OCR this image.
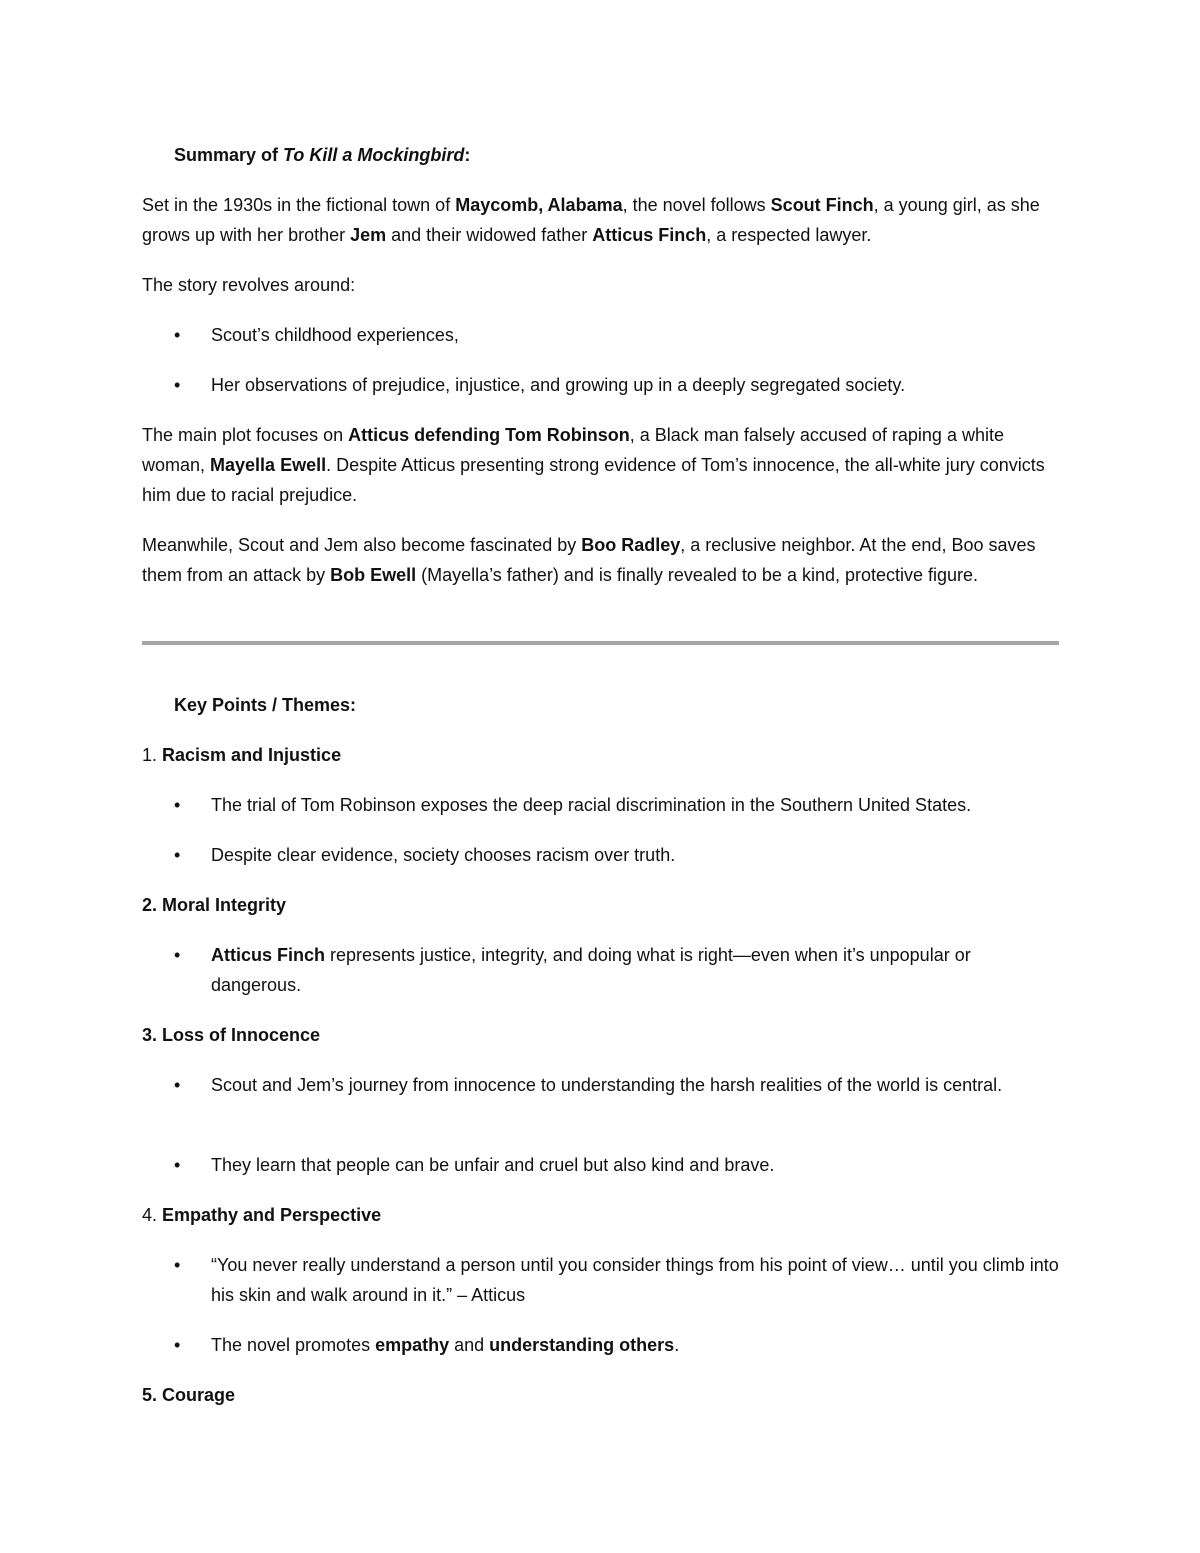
Summary of To Kill a Mockingbird:

Set in the 1930s in the fictional town of Maycomb, Alabama, the novel follows Scout Finch, a young girl, as she grows up with her brother Jem and their widowed father Atticus Finch, a respected lawyer.

The story revolves around:

• Scout’s childhood experiences,

• Her observations of prejudice, injustice, and growing up in a deeply segregated society.

The main plot focuses on Atticus defending Tom Robinson, a Black man falsely accused of raping a white woman, Mayella Ewell. Despite Atticus presenting strong evidence of Tom’s innocence, the all-white jury convicts him due to racial prejudice.

Meanwhile, Scout and Jem also become fascinated by Boo Radley, a reclusive neighbor. At the end, Boo saves them from an attack by Bob Ewell (Mayella’s father) and is finally revealed to be a kind, protective figure.

Key Points / Themes:

1. Racism and Injustice

• The trial of Tom Robinson exposes the deep racial discrimination in the Southern United States.

• Despite clear evidence, society chooses racism over truth.

2. Moral Integrity

• Atticus Finch represents justice, integrity, and doing what is right—even when it’s unpopular or dangerous.

3. Loss of Innocence

• Scout and Jem’s journey from innocence to understanding the harsh realities of the world is central.

• They learn that people can be unfair and cruel but also kind and brave.

4. Empathy and Perspective

• “You never really understand a person until you consider things from his point of view… until you climb into his skin and walk around in it.” – Atticus

• The novel promotes empathy and understanding others.

5. Courage
